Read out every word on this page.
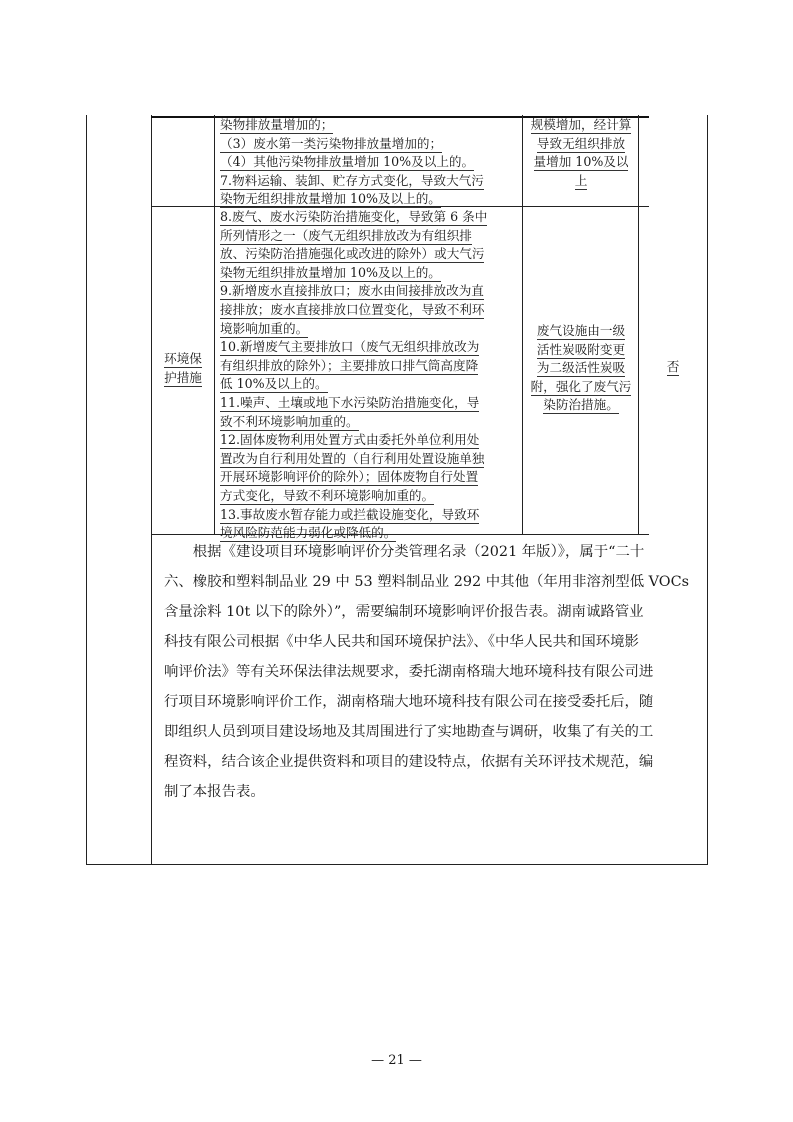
染物排放量增加的；
（3）废水第一类污染物排放量增加的；
（4）其他污染物排放量增加 10%及以上的。
7.物料运输、装卸、贮存方式变化，导致大气污
染物无组织排放量增加 10%及以上的。
规模增加，经计算
导致无组织排放
量增加 10%及以
上
环境保
护措施
8.废气、废水污染防治措施变化，导致第 6 条中
所列情形之一（废气无组织排放改为有组织排
放、污染防治措施强化或改进的除外）或大气污
染物无组织排放量增加 10%及以上的。
9.新增废水直接排放口；废水由间接排放改为直
接排放；废水直接排放口位置变化，导致不利环
境影响加重的。
10.新增废气主要排放口（废气无组织排放改为
有组织排放的除外）；主要排放口排气筒高度降
低 10%及以上的。
11.噪声、土壤或地下水污染防治措施变化，导
致不利环境影响加重的。
12.固体废物利用处置方式由委托外单位利用处
置改为自行利用处置的（自行利用处置设施单独
开展环境影响评价的除外）；固体废物自行处置
方式变化，导致不利环境影响加重的。
13.事故废水暂存能力或拦截设施变化，导致环
境风险防范能力弱化或降低的。
废气设施由一级
活性炭吸附变更
为二级活性炭吸
附，强化了废气污
染防治措施。
否
　　根据《建设项目环境影响评价分类管理名录（2021 年版）》，属于“二十
六、橡胶和塑料制品业 29 中 53 塑料制品业 292 中其他（年用非溶剂型低 VOCs
含量涂料 10t 以下的除外）”，需要编制环境影响评价报告表。湖南诚路管业
科技有限公司根据《中华人民共和国环境保护法》、《中华人民共和国环境影
响评价法》等有关环保法律法规要求，委托湖南格瑞大地环境科技有限公司进
行项目环境影响评价工作，湖南格瑞大地环境科技有限公司在接受委托后，随
即组织人员到项目建设场地及其周围进行了实地勘查与调研，收集了有关的工
程资料，结合该企业提供资料和项目的建设特点，依据有关环评技术规范，编
制了本报告表。
— 21 —
